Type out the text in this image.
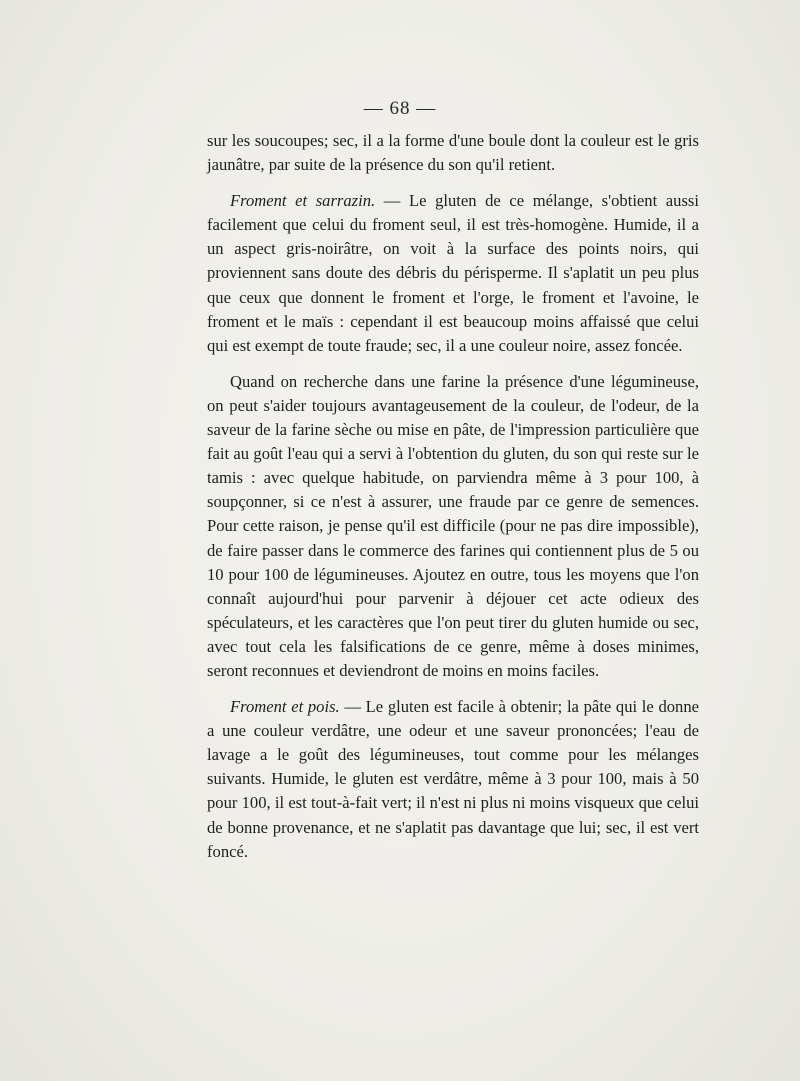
— 68 —

sur les soucoupes; sec, il a la forme d'une boule dont la couleur est le gris jaunâtre, par suite de la présence du son qu'il retient.

Froment et sarrazin. — Le gluten de ce mélange, s'obtient aussi facilement que celui du froment seul, il est très-homogène. Humide, il a un aspect gris-noirâtre, on voit à la surface des points noirs, qui proviennent sans doute des débris du périsperme. Il s'aplatit un peu plus que ceux que donnent le froment et l'orge, le froment et l'avoine, le froment et le maïs : cependant il est beaucoup moins affaissé que celui qui est exempt de toute fraude; sec, il a une couleur noire, assez foncée.

Quand on recherche dans une farine la présence d'une légumineuse, on peut s'aider toujours avantageusement de la couleur, de l'odeur, de la saveur de la farine sèche ou mise en pâte, de l'impression particulière que fait au goût l'eau qui a servi à l'obtention du gluten, du son qui reste sur le tamis : avec quelque habitude, on parviendra même à 3 pour 100, à soupçonner, si ce n'est à assurer, une fraude par ce genre de semences. Pour cette raison, je pense qu'il est difficile (pour ne pas dire impossible), de faire passer dans le commerce des farines qui contiennent plus de 5 ou 10 pour 100 de légumineuses. Ajoutez en outre, tous les moyens que l'on connaît aujourd'hui pour parvenir à déjouer cet acte odieux des spéculateurs, et les caractères que l'on peut tirer du gluten humide ou sec, avec tout cela les falsifications de ce genre, même à doses minimes, seront reconnues et deviendront de moins en moins faciles.

Froment et pois. — Le gluten est facile à obtenir; la pâte qui le donne a une couleur verdâtre, une odeur et une saveur prononcées; l'eau de lavage a le goût des légumineuses, tout comme pour les mélanges suivants. Humide, le gluten est verdâtre, même à 3 pour 100, mais à 50 pour 100, il est tout-à-fait vert; il n'est ni plus ni moins visqueux que celui de bonne provenance, et ne s'aplatit pas davantage que lui; sec, il est vert foncé.
